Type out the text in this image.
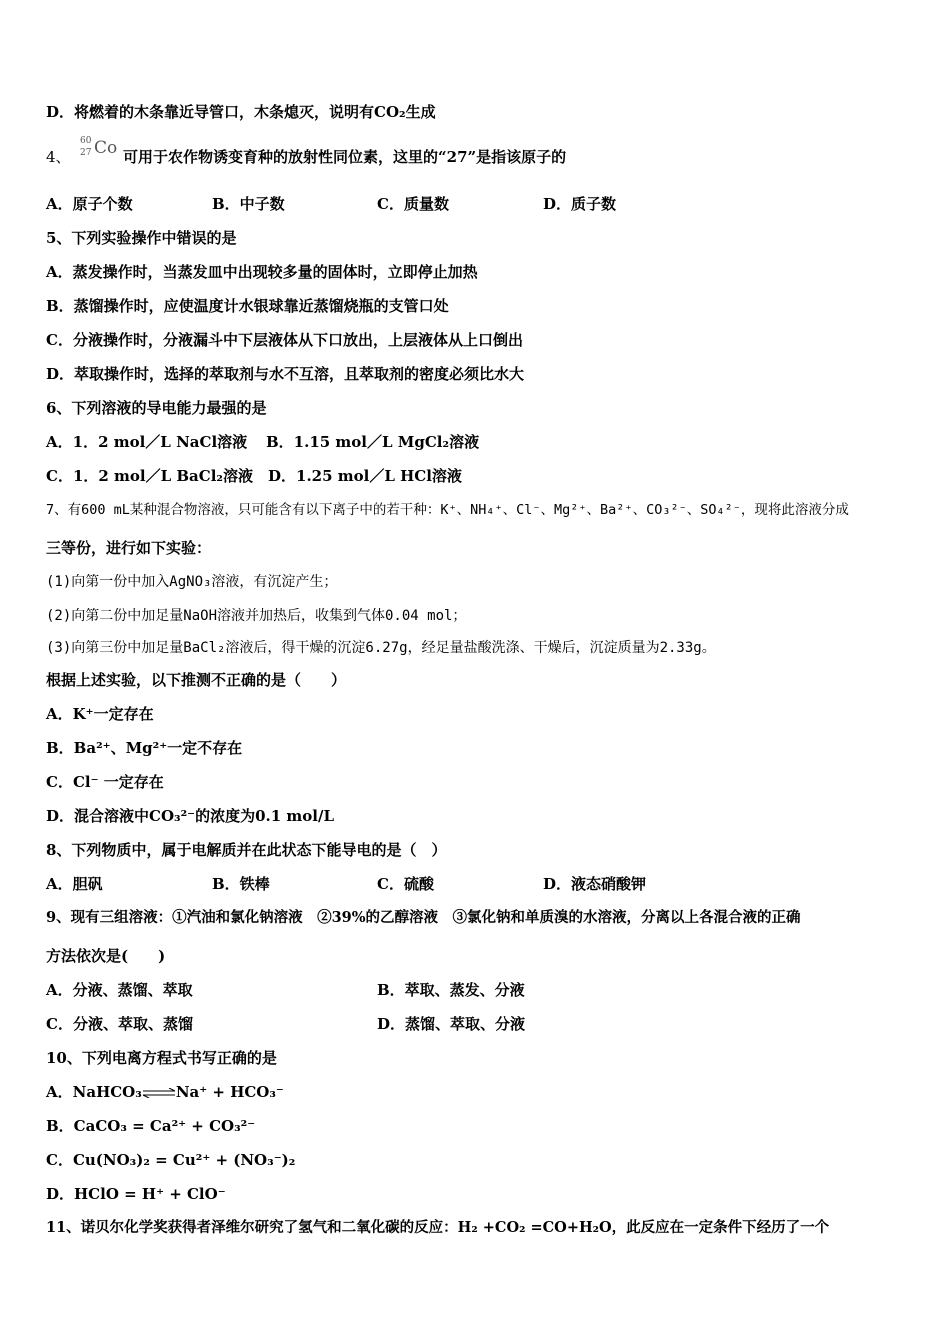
D．将燃着的木条靠近导管口，木条熄灭，说明有CO₂生成
4、
60
27 Co 可用于农作物诱变育种的放射性同位素，这里的“27”是指该原子的
A．原子个数	B．中子数	C．质量数	D．质子数
5、下列实验操作中错误的是
A．蒸发操作时，当蒸发皿中出现较多量的固体时，立即停止加热
B．蒸馏操作时，应使温度计水银球靠近蒸馏烧瓶的支管口处
C．分液操作时，分液漏斗中下层液体从下口放出，上层液体从上口倒出
D．萃取操作时，选择的萃取剂与水不互溶，且萃取剂的密度必须比水大
6、下列溶液的导电能力最强的是
A．1．2 mol／L NaCl溶液 B．1.15 mol／L MgCl₂溶液
C．1．2 mol／L BaCl₂溶液 D．1.25 mol／L HCl溶液
7、有600 mL某种混合物溶液，只可能含有以下离子中的若干种：K⁺、NH₄⁺、Cl⁻、Mg²⁺、Ba²⁺、CO₃²⁻、SO₄²⁻，现将此溶液分成
三等份，进行如下实验：
(1)向第一份中加入AgNO₃溶液，有沉淀产生；
(2)向第二份中加足量NaOH溶液并加热后，收集到气体0.04 mol；
(3)向第三份中加足量BaCl₂溶液后，得干燥的沉淀6.27g，经足量盐酸洗涤、干燥后，沉淀质量为2.33g。
根据上述实验，以下推测不正确的是（　　）
A．K⁺一定存在
B．Ba²⁺、Mg²⁺一定不存在
C．Cl⁻ 一定存在
D．混合溶液中CO₃²⁻的浓度为0.1 mol/L
8、下列物质中，属于电解质并在此状态下能导电的是（　）
A．胆矾	B．铁棒	C．硫酸	D．液态硝酸钾
9、现有三组溶液：①汽油和氯化钠溶液　②39%的乙醇溶液　③氯化钠和单质溴的水溶液，分离以上各混合液的正确
方法依次是(　　)
A．分液、蒸馏、萃取	B．萃取、蒸发、分液
C．分液、萃取、蒸馏	D．蒸馏、萃取、分液
10、下列电离方程式书写正确的是
A．NaHCO₃⇌Na⁺ + HCO₃⁻
B．CaCO₃ = Ca²⁺ + CO₃²⁻
C．Cu(NO₃)₂ = Cu²⁺ + (NO₃⁻)₂
D．HClO = H⁺ + ClO⁻
11、诺贝尔化学奖获得者泽维尔研究了氢气和二氧化碳的反应：H₂ +CO₂ =CO+H₂O，此反应在一定条件下经历了一个
